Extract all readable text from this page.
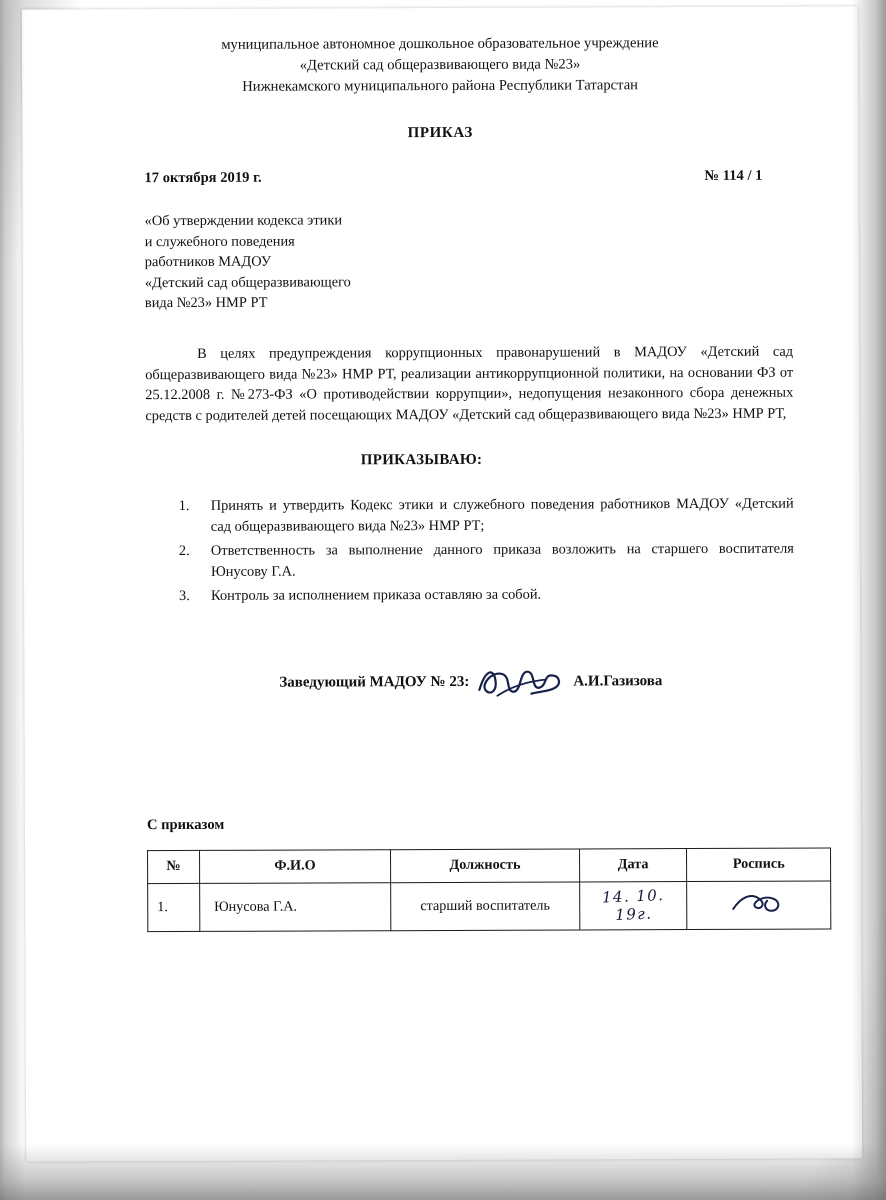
муниципальное автономное дошкольное образовательное учреждение
«Детский сад общеразвивающего вида №23»
Нижнекамского муниципального района Республики Татарстан
ПРИКАЗ
17 октября 2019 г.	№ 114 / 1
«Об утверждении кодекса этики
и служебного поведения
работников МАДОУ
«Детский сад общеразвивающего
вида №23» НМР РТ
В целях предупреждения коррупционных правонарушений в МАДОУ «Детский сад общеразвивающего вида №23» НМР РТ, реализации антикоррупционной политики, на основании ФЗ от 25.12.2008 г. №273-ФЗ «О противодействии коррупции», недопущения незаконного сбора денежных средств с родителей детей посещающих МАДОУ «Детский сад общеразвивающего вида №23» НМР РТ,
ПРИКАЗЫВАЮ:
Принять и утвердить Кодекс этики и служебного поведения работников МАДОУ «Детский сад общеразвивающего вида №23» НМР РТ;
Ответственность за выполнение данного приказа возложить на старшего воспитателя Юнусову Г.А.
Контроль за исполнением приказа оставляю за собой.
Заведующий МАДОУ № 23:	А.И.Газизова
С приказом
№	Ф.И.О	Должность	Дата	Роспись
1.	Юнусова Г.А.	старший воспитатель	14. 10. 19г.	
